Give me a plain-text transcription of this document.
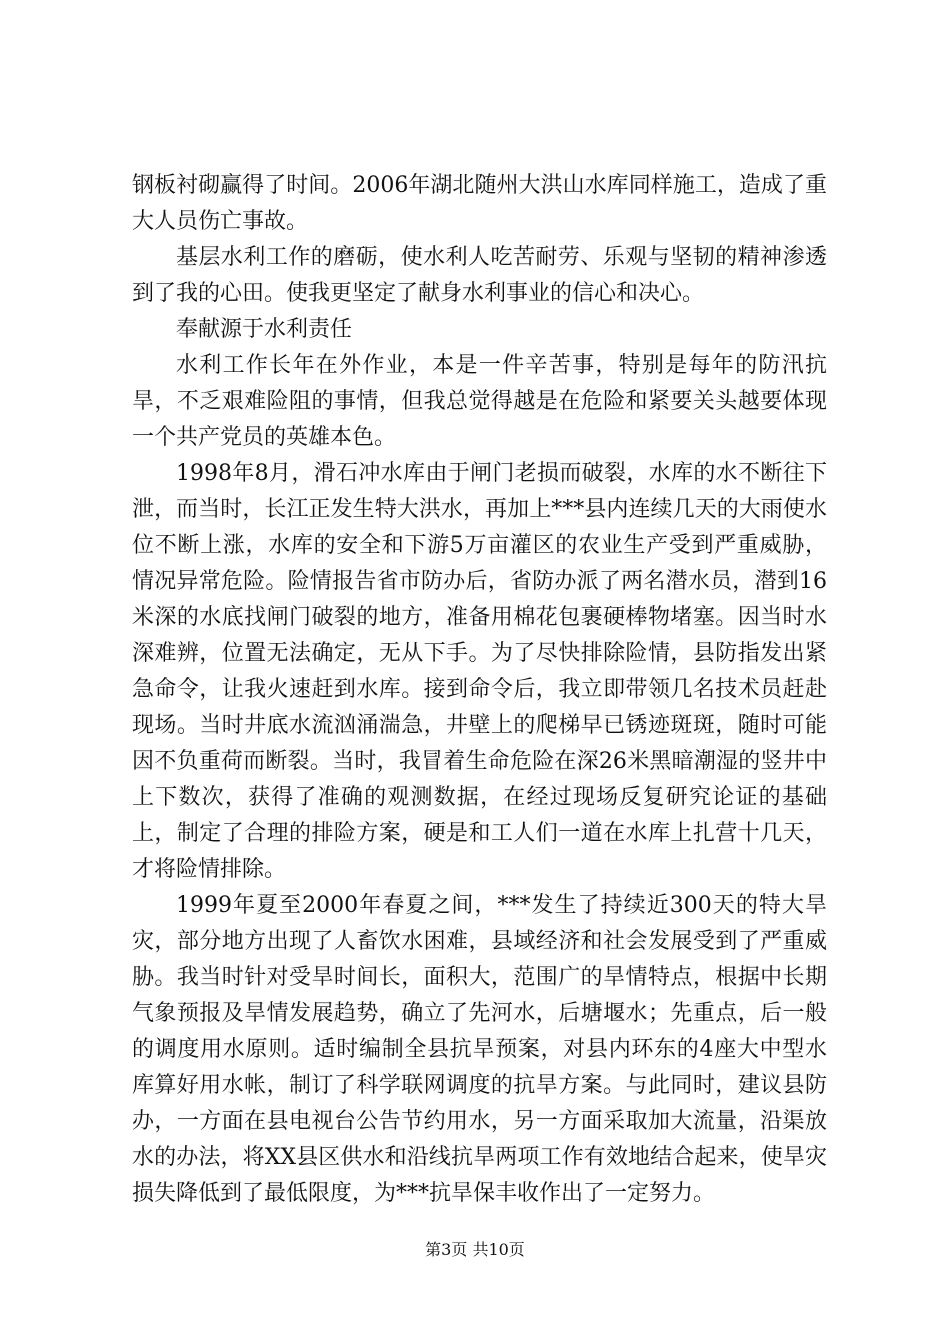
钢板衬砌赢得了时间。2006年湖北随州大洪山水库同样施工，造成了重大人员伤亡事故。

基层水利工作的磨砺，使水利人吃苦耐劳、乐观与坚韧的精神渗透到了我的心田。使我更坚定了献身水利事业的信心和决心。

奉献源于水利责任

水利工作长年在外作业，本是一件辛苦事，特别是每年的防汛抗旱，不乏艰难险阻的事情，但我总觉得越是在危险和紧要关头越要体现一个共产党员的英雄本色。

1998年8月，滑石冲水库由于闸门老损而破裂，水库的水不断往下泄，而当时，长江正发生特大洪水，再加上***县内连续几天的大雨使水位不断上涨，水库的安全和下游5万亩灌区的农业生产受到严重威胁，情况异常危险。险情报告省市防办后，省防办派了两名潜水员，潜到16米深的水底找闸门破裂的地方，准备用棉花包裹硬棒物堵塞。因当时水深难辨，位置无法确定，无从下手。为了尽快排除险情，县防指发出紧急命令，让我火速赶到水库。接到命令后，我立即带领几名技术员赶赴现场。当时井底水流汹涌湍急，井壁上的爬梯早已锈迹斑斑，随时可能因不负重荷而断裂。当时，我冒着生命危险在深26米黑暗潮湿的竖井中上下数次，获得了准确的观测数据，在经过现场反复研究论证的基础上，制定了合理的排险方案，硬是和工人们一道在水库上扎营十几天，才将险情排除。

1999年夏至2000年春夏之间，***发生了持续近300天的特大旱灾，部分地方出现了人畜饮水困难，县域经济和社会发展受到了严重威胁。我当时针对受旱时间长，面积大，范围广的旱情特点，根据中长期气象预报及旱情发展趋势，确立了先河水，后塘堰水；先重点，后一般的调度用水原则。适时编制全县抗旱预案，对县内环东的4座大中型水库算好用水帐，制订了科学联网调度的抗旱方案。与此同时，建议县防办，一方面在县电视台公告节约用水，另一方面采取加大流量，沿渠放水的办法，将XX县区供水和沿线抗旱两项工作有效地结合起来，使旱灾损失降低到了最低限度，为***抗旱保丰收作出了一定努力。

第3页 共10页
